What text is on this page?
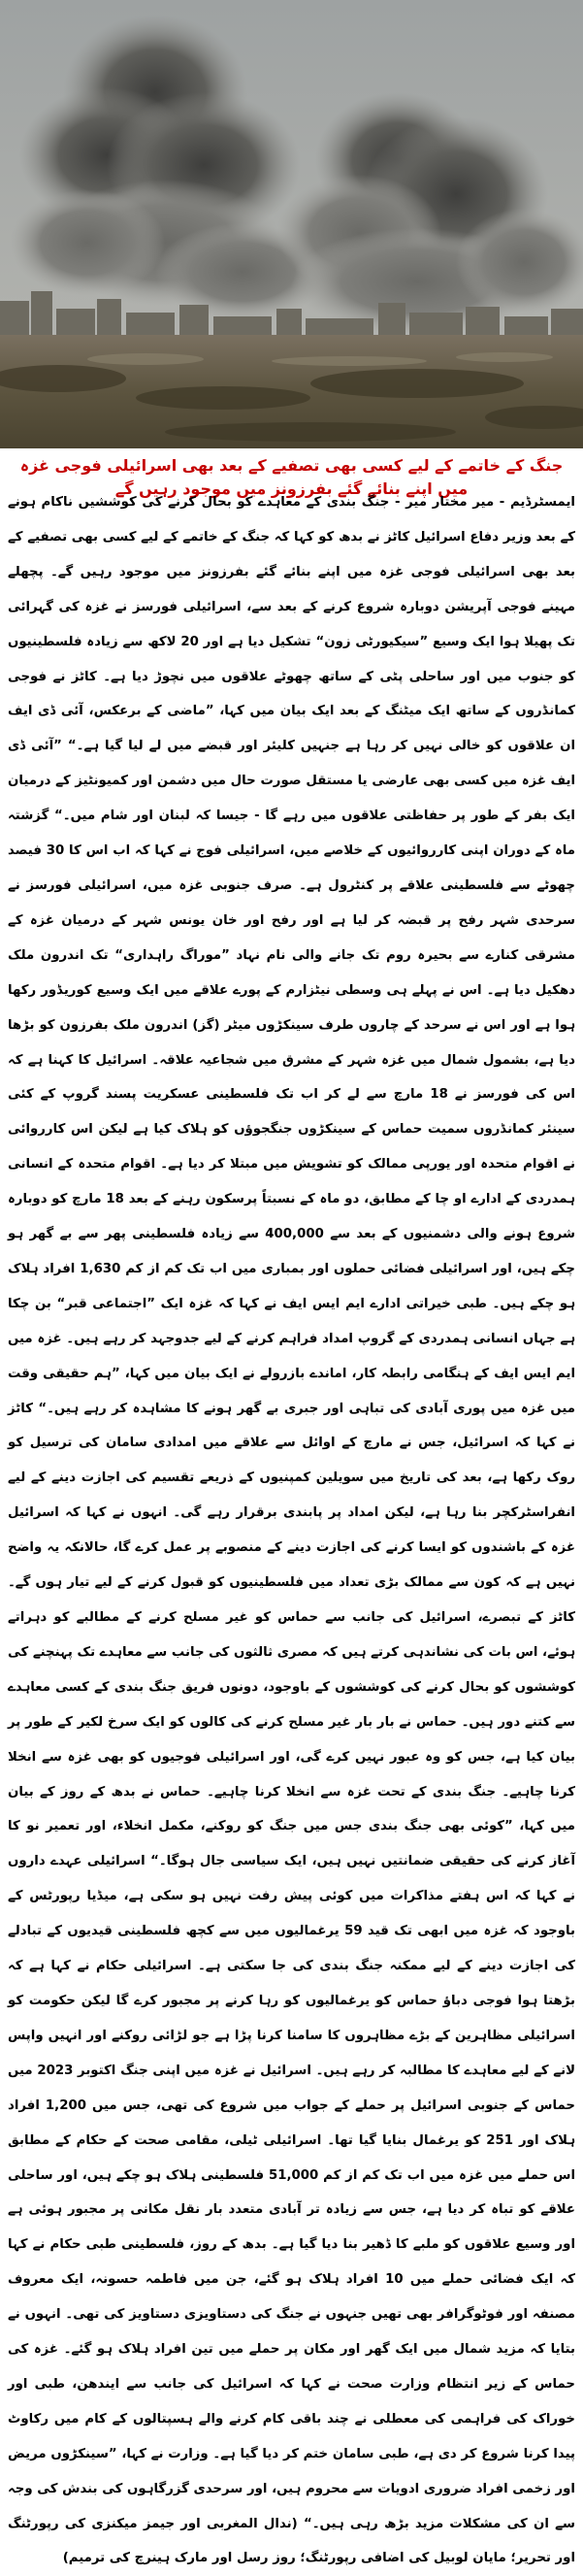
جنگ کے خاتمے کے لیے کسی بھی تصفیے کے بعد بھی اسرائیلی فوجی غزہ میں اپنے بنائے گئے بفرزونز میں موجود رہیں گے

ایمسٹرڈیم - میر مختار میر - جنگ بندی کے معاہدے کو بحال کرنے کی کوششیں ناکام ہونے کے بعد وزیر دفاع اسرائیل کاٹز نے بدھ کو کہا کہ جنگ کے خاتمے کے لیے کسی بھی تصفیے کے بعد بھی اسرائیلی فوجی غزہ میں اپنے بنائے گئے بفرزونز میں موجود رہیں گے۔ پچھلے مہینے فوجی آپریشن دوبارہ شروع کرنے کے بعد سے، اسرائیلی فورسز نے غزہ کی گہرائی تک پھیلا ہوا ایک وسیع ”سیکیورٹی زون“ تشکیل دیا ہے اور 20 لاکھ سے زیادہ فلسطینیوں کو جنوب میں اور ساحلی پٹی کے ساتھ چھوٹے علاقوں میں نچوڑ دیا ہے۔ کاٹز نے فوجی کمانڈروں کے ساتھ ایک میٹنگ کے بعد ایک بیان میں کہا، ”ماضی کے برعکس، آئی ڈی ایف ان علاقوں کو خالی نہیں کر رہا ہے جنہیں کلیئر اور قبضے میں لے لیا گیا ہے۔“ ”آئی ڈی ایف غزہ میں کسی بھی عارضی یا مستقل صورت حال میں دشمن اور کمیونٹیز کے درمیان ایک بفر کے طور پر حفاظتی علاقوں میں رہے گا - جیسا کہ لبنان اور شام میں۔“ گزشتہ ماہ کے دوران اپنی کارروائیوں کے خلاصے میں، اسرائیلی فوج نے کہا کہ اب اس کا 30 فیصد چھوٹے سے فلسطینی علاقے پر کنٹرول ہے۔ صرف جنوبی غزہ میں، اسرائیلی فورسز نے سرحدی شہر رفح پر قبضہ کر لیا ہے اور رفح اور خان یونس شہر کے درمیان غزہ کے مشرقی کنارے سے بحیرہ روم تک جانے والی نام نہاد ”موراگ راہداری“ تک اندرون ملک دھکیل دیا ہے۔ اس نے پہلے ہی وسطی نیٹزارم کے پورے علاقے میں ایک وسیع کوریڈور رکھا ہوا ہے اور اس نے سرحد کے چاروں طرف سینکڑوں میٹر (گز) اندرون ملک بفرزون کو بڑھا دیا ہے، بشمول شمال میں غزہ شہر کے مشرق میں شجاعیہ علاقہ۔ اسرائیل کا کہنا ہے کہ اس کی فورسز نے 18 مارچ سے لے کر اب تک فلسطینی عسکریت پسند گروپ کے کئی سینئر کمانڈروں سمیت حماس کے سینکڑوں جنگجوؤں کو ہلاک کیا ہے لیکن اس کارروائی نے اقوام متحدہ اور یورپی ممالک کو تشویش میں مبتلا کر دیا ہے۔ اقوام متحدہ کے انسانی ہمدردی کے ادارے او چا کے مطابق، دو ماہ کے نسبتاً پرسکون رہنے کے بعد 18 مارچ کو دوبارہ شروع ہونے والی دشمنیوں کے بعد سے 400,000 سے زیادہ فلسطینی پھر سے بے گھر ہو چکے ہیں، اور اسرائیلی فضائی حملوں اور بمباری میں اب تک کم از کم 1,630 افراد ہلاک ہو چکے ہیں۔ طبی خیراتی ادارے ایم ایس ایف نے کہا کہ غزہ ایک ”اجتماعی قبر“ بن چکا ہے جہاں انسانی ہمدردی کے گروپ امداد فراہم کرنے کے لیے جدوجہد کر رہے ہیں۔ غزہ میں ایم ایس ایف کے ہنگامی رابطہ کار، اماندے بازرولے نے ایک بیان میں کہا، ”ہم حقیقی وقت میں غزہ میں پوری آبادی کی تباہی اور جبری بے گھر ہونے کا مشاہدہ کر رہے ہیں۔“ کاٹز نے کہا کہ اسرائیل، جس نے مارچ کے اوائل سے علاقے میں امدادی سامان کی ترسیل کو روک رکھا ہے، بعد کی تاریخ میں سویلین کمپنیوں کے ذریعے تقسیم کی اجازت دینے کے لیے انفراسٹرکچر بنا رہا ہے، لیکن امداد پر پابندی برقرار رہے گی۔ انہوں نے کہا کہ اسرائیل غزہ کے باشندوں کو ایسا کرنے کی اجازت دینے کے منصوبے پر عمل کرے گا، حالانکہ یہ واضح نہیں ہے کہ کون سے ممالک بڑی تعداد میں فلسطینیوں کو قبول کرنے کے لیے تیار ہوں گے۔ کاٹز کے تبصرے، اسرائیل کی جانب سے حماس کو غیر مسلح کرنے کے مطالبے کو دہراتے ہوئے، اس بات کی نشاندہی کرتے ہیں کہ مصری ثالثوں کی جانب سے معاہدے تک پہنچنے کی کوششوں کو بحال کرنے کی کوششوں کے باوجود، دونوں فریق جنگ بندی کے کسی معاہدے سے کتنے دور ہیں۔ حماس نے بار بار غیر مسلح کرنے کی کالوں کو ایک سرخ لکیر کے طور پر بیان کیا ہے، جس کو وہ عبور نہیں کرے گی، اور اسرائیلی فوجیوں کو بھی غزہ سے انخلا کرنا چاہیے۔ جنگ بندی کے تحت غزہ سے انخلا کرنا چاہیے۔ حماس نے بدھ کے روز کے بیان میں کہا، ”کوئی بھی جنگ بندی جس میں جنگ کو روکنے، مکمل انخلاء، اور تعمیر نو کا آغاز کرنے کی حقیقی ضمانتیں نہیں ہیں، ایک سیاسی جال ہوگا۔“ اسرائیلی عہدے داروں نے کہا کہ اس ہفتے مذاکرات میں کوئی پیش رفت نہیں ہو سکی ہے، میڈیا رپورٹس کے باوجود کہ غزہ میں ابھی تک قید 59 یرغمالیوں میں سے کچھ فلسطینی قیدیوں کے تبادلے کی اجازت دینے کے لیے ممکنہ جنگ بندی کی جا سکتی ہے۔ اسرائیلی حکام نے کہا ہے کہ بڑھتا ہوا فوجی دباؤ حماس کو یرغمالیوں کو رہا کرنے پر مجبور کرے گا لیکن حکومت کو اسرائیلی مظاہرین کے بڑے مظاہروں کا سامنا کرنا پڑا ہے جو لڑائی روکنے اور انہیں واپس لانے کے لیے معاہدے کا مطالبہ کر رہے ہیں۔ اسرائیل نے غزہ میں اپنی جنگ اکتوبر 2023 میں حماس کے جنوبی اسرائیل پر حملے کے جواب میں شروع کی تھی، جس میں 1,200 افراد ہلاک اور 251 کو یرغمال بنایا گیا تھا۔ اسرائیلی ٹیلی، مقامی صحت کے حکام کے مطابق اس حملے میں غزہ میں اب تک کم از کم 51,000 فلسطینی ہلاک ہو چکے ہیں، اور ساحلی علاقے کو تباہ کر دیا ہے، جس سے زیادہ تر آبادی متعدد بار نقل مکانی پر مجبور ہوئی ہے اور وسیع علاقوں کو ملبے کا ڈھیر بنا دیا گیا ہے۔ بدھ کے روز، فلسطینی طبی حکام نے کہا کہ ایک فضائی حملے میں 10 افراد ہلاک ہو گئے، جن میں فاطمہ حسونہ، ایک معروف مصنفہ اور فوٹوگرافر بھی تھیں جنہوں نے جنگ کی دستاویزی دستاویز کی تھی۔ انہوں نے بتایا کہ مزید شمال میں ایک گھر اور مکان پر حملے میں تین افراد ہلاک ہو گئے۔ غزہ کی حماس کے زیر انتظام وزارت صحت نے کہا کہ اسرائیل کی جانب سے ایندھن، طبی اور خوراک کی فراہمی کی معطلی نے چند باقی کام کرنے والے ہسپتالوں کے کام میں رکاوٹ پیدا کرنا شروع کر دی ہے، طبی سامان ختم کر دیا گیا ہے۔ وزارت نے کہا، ”سینکڑوں مریض اور زخمی افراد ضروری ادویات سے محروم ہیں، اور سرحدی گزرگاہوں کی بندش کی وجہ سے ان کی مشکلات مزید بڑھ رہی ہیں۔“ (ندال المغربی اور جیمز میکنزی کی رپورٹنگ اور تحریر؛ مایان لوبیل کی اضافی رپورٹنگ؛ روز رسل اور مارک ہینرچ کی ترمیم)
